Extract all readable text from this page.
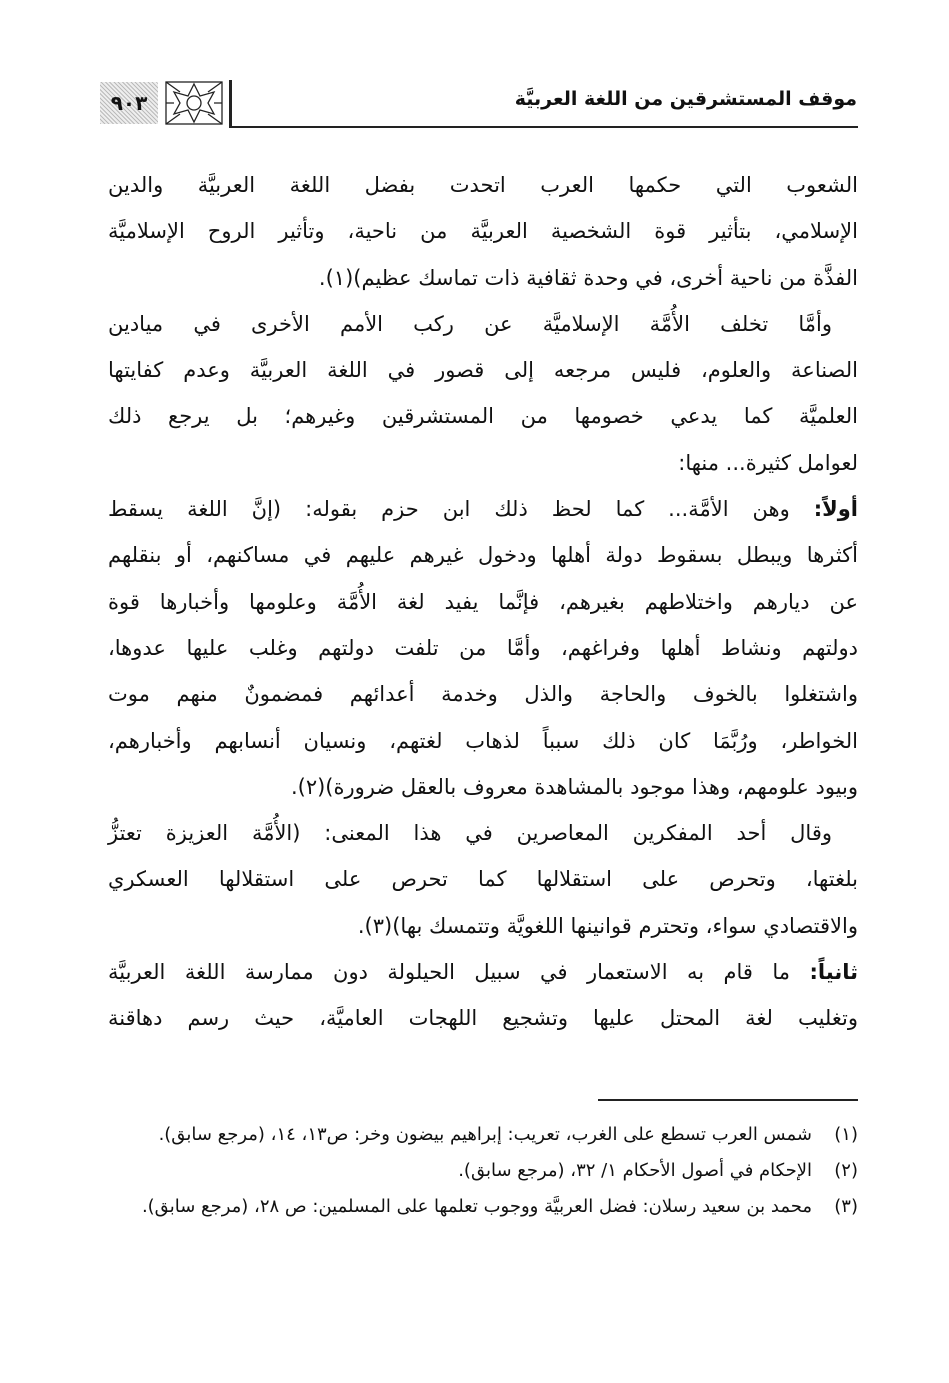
٩٠٣	موقف المستشرقين من اللغة العربيَّة
الشعوب التي حكمها العرب اتحدت بفضل اللغة العربيَّة والدين
الإسلامي، بتأثير قوة الشخصية العربيَّة من ناحية، وتأثير الروح الإسلاميَّة
الفذَّة من ناحية أخرى، في وحدة ثقافية ذات تماسك عظيم)(١).
وأمَّا تخلف الأُمَّة الإسلاميَّة عن ركب الأمم الأخرى في ميادين
الصناعة والعلوم، فليس مرجعه إلى قصور في اللغة العربيَّة وعدم كفايتها
العلميَّة كما يدعي خصومها من المستشرقين وغيرهم؛ بل يرجع ذلك
لعوامل كثيرة... منها:
أولاً: وهن الأمَّة... كما لحظ ذلك ابن حزم بقوله: (إنَّ اللغة يسقط
أكثرها ويبطل بسقوط دولة أهلها ودخول غيرهم عليهم في مساكنهم، أو بنقلهم
عن ديارهم واختلاطهم بغيرهم، فإنَّما يفيد لغة الأُمَّة وعلومها وأخبارها قوة
دولتهم ونشاط أهلها وفراغهم، وأمَّا من تلفت دولتهم وغلب عليها عدوها،
واشتغلوا بالخوف والحاجة والذل وخدمة أعدائهم فمضمونٌ منهم موت
الخواطر، ورُبَّمَا كان ذلك سبباً لذهاب لغتهم، ونسيان أنسابهم وأخبارهم،
وبيود علومهم، وهذا موجود بالمشاهدة معروف بالعقل ضرورة)(٢).
وقال أحد المفكرين المعاصرين في هذا المعنى: (الأُمَّة العزيزة تعتزُّ
بلغتها، وتحرص على استقلالها كما تحرص على استقلالها العسكري
والاقتصادي سواء، وتحترم قوانينها اللغويَّة وتتمسك بها)(٣).
ثانياً: ما قام به الاستعمار في سبيل الحيلولة دون ممارسة اللغة العربيَّة
وتغليب لغة المحتل عليها وتشجيع اللهجات العاميَّة، حيث رسم دهاقنة
(١)
شمس العرب تسطع على الغرب، تعريب: إبراهيم بيضون وخر: ص١٣، ١٤، (مرجع سابق).
(٢)
الإحكام في أصول الأحكام ١/ ٣٢، (مرجع سابق).
(٣)
محمد بن سعيد رسلان: فضل العربيَّة ووجوب تعلمها على المسلمين: ص ٢٨، (مرجع سابق).
